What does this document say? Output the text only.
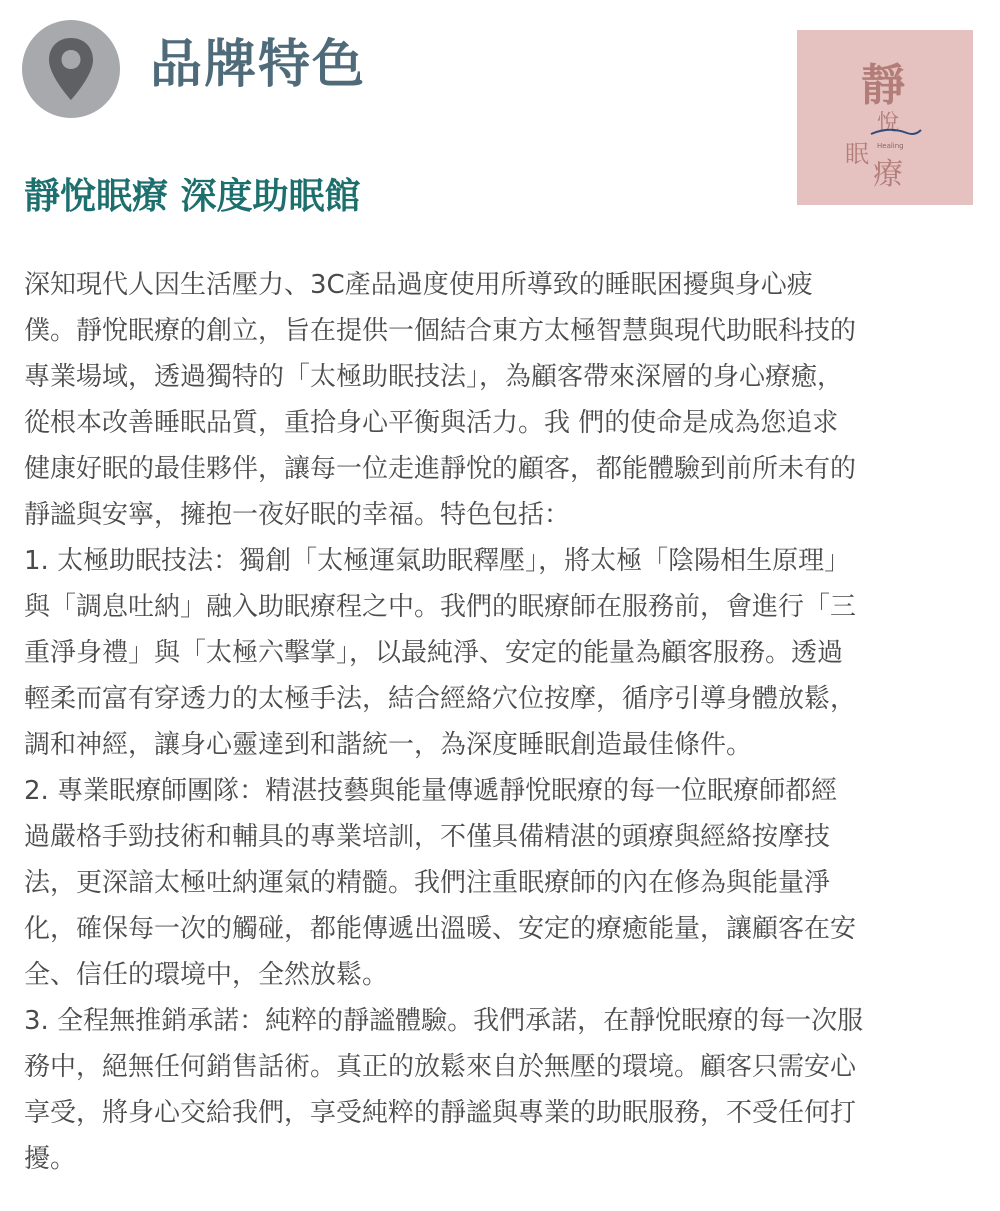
品牌特色	靜
悅
Healing
眠
療
靜悅眠療 深度助眠館

深知現代人因生活壓力、3C產品過度使用所導致的睡眠困擾與身心疲

僕。靜悅眠療的創立，旨在提供一個結合東方太極智慧與現代助眠科技的

專業場域，透過獨特的「太極助眠技法」，為顧客帶來深層的身心療癒，

從根本改善睡眠品質，重拾身心平衡與活力。我 們的使命是成為您追求

健康好眠的最佳夥伴，讓每一位走進靜悅的顧客，都能體驗到前所未有的

靜謐與安寧，擁抱一夜好眠的幸福。特色包括：

1. 太極助眠技法：獨創「太極運氣助眠釋壓」，將太極「陰陽相生原理」

與「調息吐納」融入助眠療程之中。我們的眠療師在服務前，會進行「三

重淨身禮」與「太極六擊掌」，以最純淨、安定的能量為顧客服務。透過

輕柔而富有穿透力的太極手法，結合經絡穴位按摩，循序引導身體放鬆，

調和神經，讓身心靈達到和諧統一，為深度睡眠創造最佳條件。

2. 專業眠療師團隊：精湛技藝與能量傳遞靜悅眠療的每一位眠療師都經

過嚴格手勁技術和輔具的專業培訓，不僅具備精湛的頭療與經絡按摩技

法，更深諳太極吐納運氣的精髓。我們注重眠療師的內在修為與能量淨

化，確保每一次的觸碰，都能傳遞出溫暖、安定的療癒能量，讓顧客在安

全、信任的環境中，全然放鬆。

3. 全程無推銷承諾：純粹的靜謐體驗。我們承諾，在靜悅眠療的每一次服

務中，絕無任何銷售話術。真正的放鬆來自於無壓的環境。顧客只需安心

享受，將身心交給我們，享受純粹的靜謐與專業的助眠服務，不受任何打

擾。
